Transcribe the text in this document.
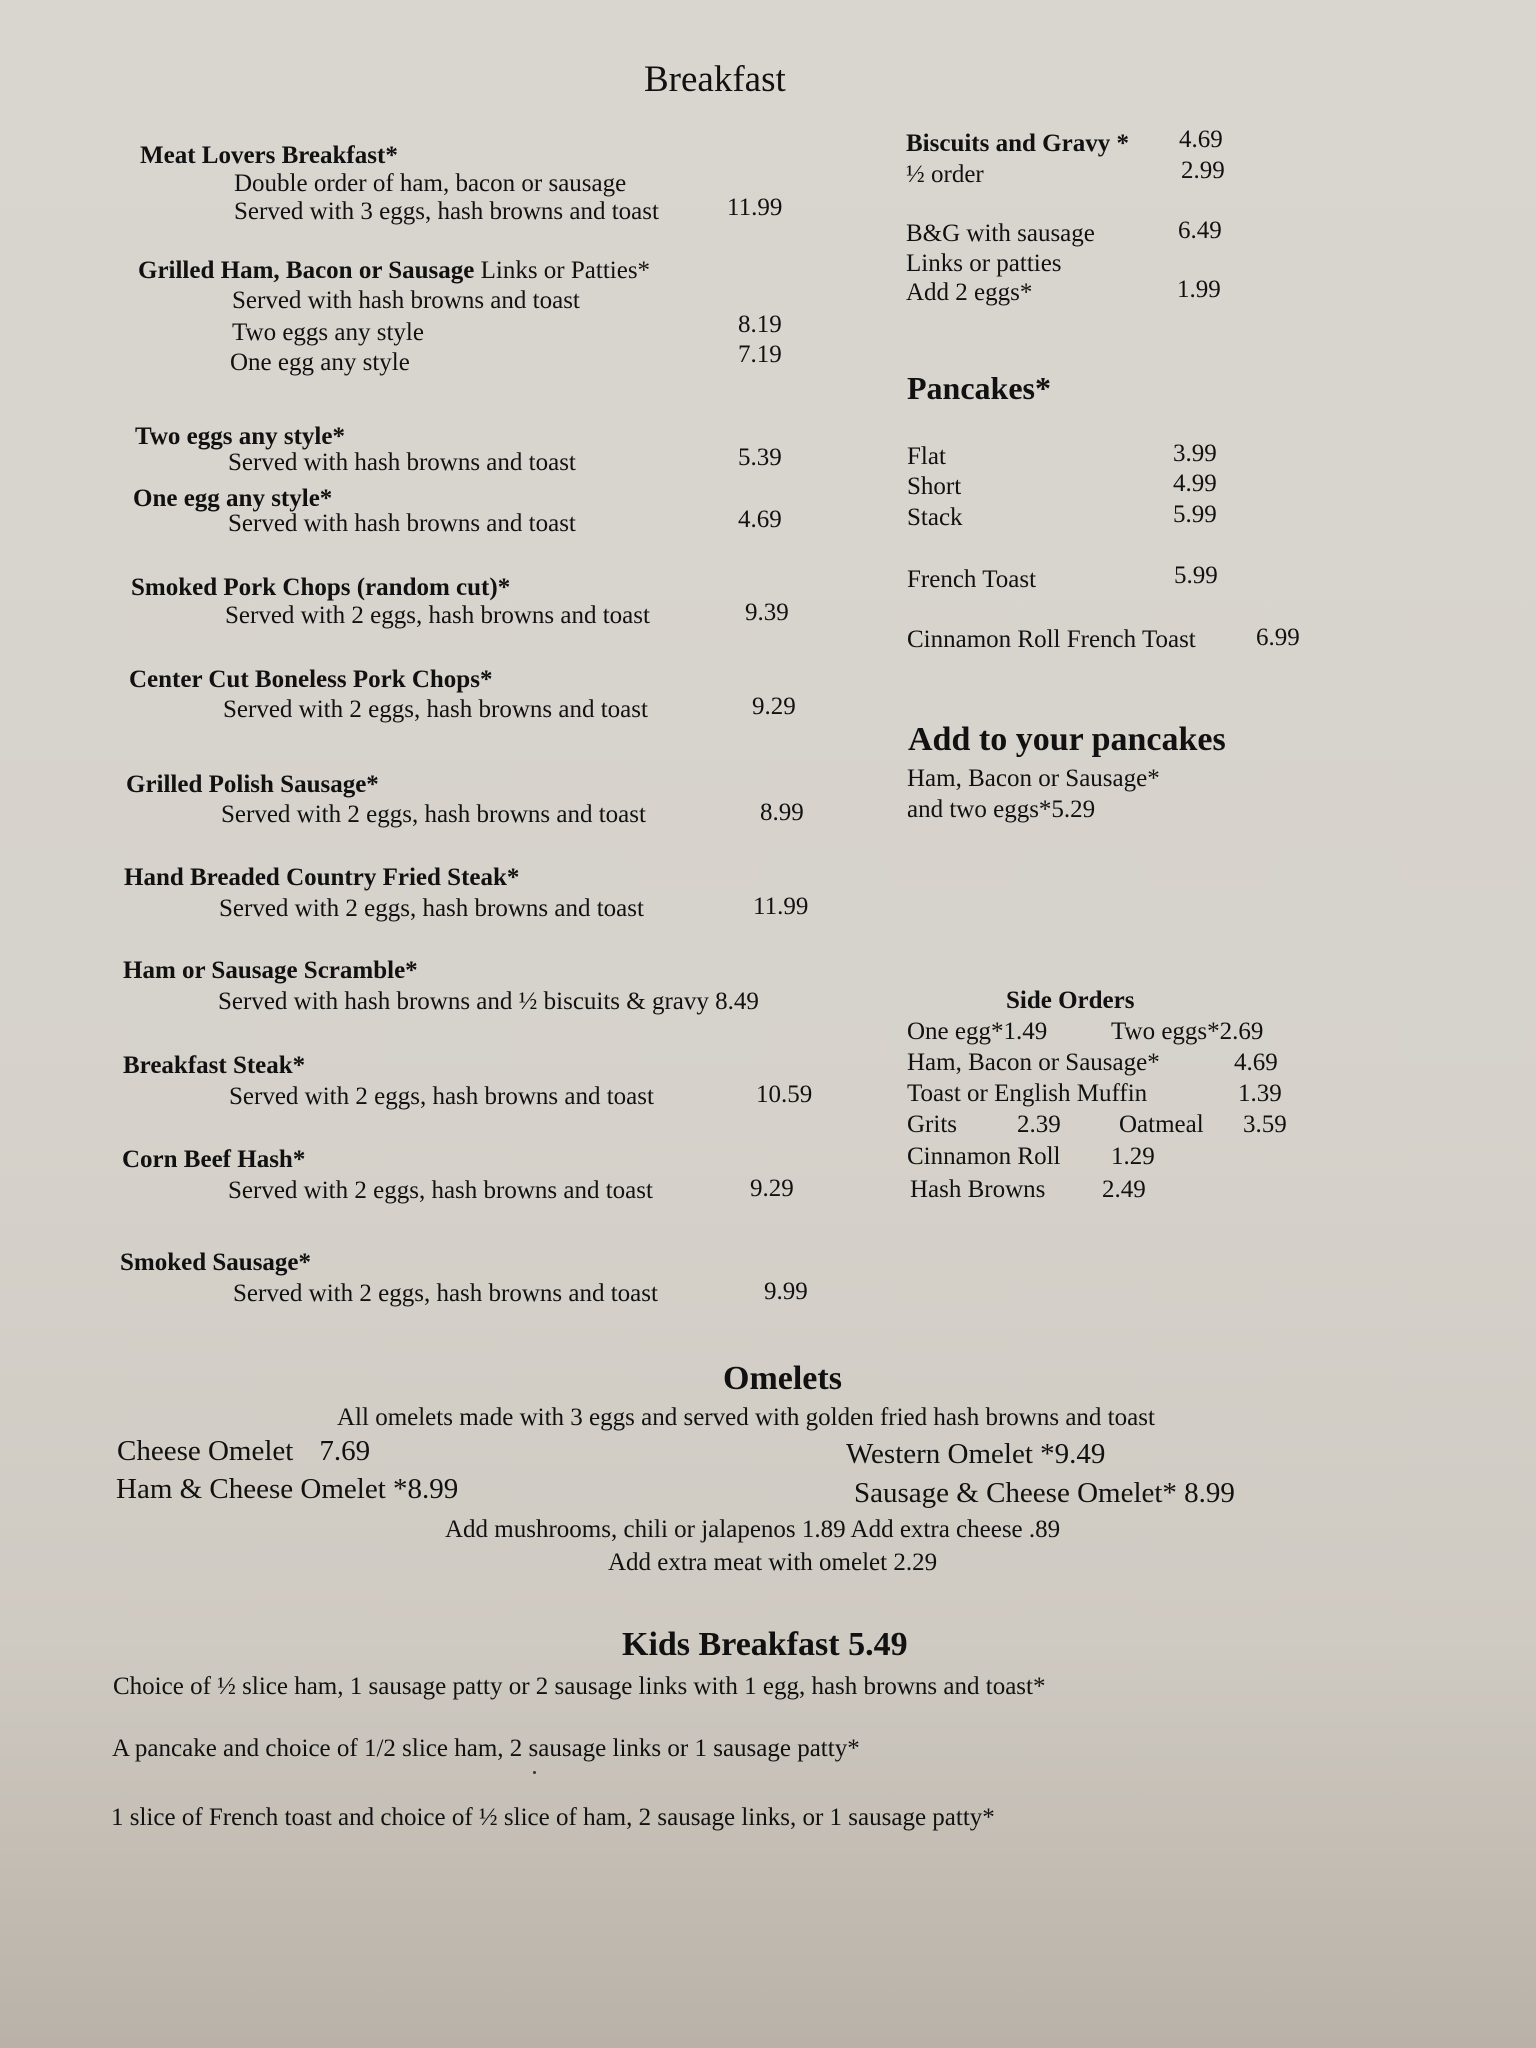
Breakfast
Meat Lovers Breakfast*
Double order of ham, bacon or sausage
Served with 3 eggs, hash browns and toast	11.99
Grilled Ham, Bacon or Sausage Links or Patties*
Served with hash browns and toast
Two eggs any style	8.19
One egg any style	7.19
Two eggs any style*
Served with hash browns and toast	5.39
One egg any style*
Served with hash browns and toast	4.69
Smoked Pork Chops (random cut)*
Served with 2 eggs, hash browns and toast	9.39
Center Cut Boneless Pork Chops*
Served with 2 eggs, hash browns and toast	9.29
Grilled Polish Sausage*
Served with 2 eggs, hash browns and toast	8.99
Hand Breaded Country Fried Steak*
Served with 2 eggs, hash browns and toast	11.99
Ham or Sausage Scramble*
Served with hash browns and ½ biscuits & gravy 8.49
Breakfast Steak*
Served with 2 eggs, hash browns and toast	10.59
Corn Beef Hash*
Served with 2 eggs, hash browns and toast	9.29
Smoked Sausage*
Served with 2 eggs, hash browns and toast	9.99
Biscuits and Gravy * 4.69
½ order	2.99
B&G with sausage	6.49
Links or patties
Add 2 eggs*	1.99
Pancakes*
Flat	3.99
Short	4.99
Stack	5.99
French Toast	5.99
Cinnamon Roll French Toast 6.99
Add to your pancakes
Ham, Bacon or Sausage*
and two eggs*5.29
Side Orders
One egg*1.49	Two eggs*2.69
Ham, Bacon or Sausage*	4.69
Toast or English Muffin	1.39
Grits 2.39 Oatmeal 3.59
Cinnamon Roll 1.29
Hash Browns 2.49
Omelets
All omelets made with 3 eggs and served with golden fried hash browns and toast
Cheese Omelet 7.69
Ham & Cheese Omelet *8.99
Western Omelet *9.49
Sausage & Cheese Omelet* 8.99
Add mushrooms, chili or jalapenos 1.89 Add extra cheese .89
Add extra meat with omelet 2.29
Kids Breakfast 5.49
Choice of ½ slice ham, 1 sausage patty or 2 sausage links with 1 egg, hash browns and toast*
A pancake and choice of 1/2 slice ham, 2 sausage links or 1 sausage patty*
1 slice of French toast and choice of ½ slice of ham, 2 sausage links, or 1 sausage patty*
